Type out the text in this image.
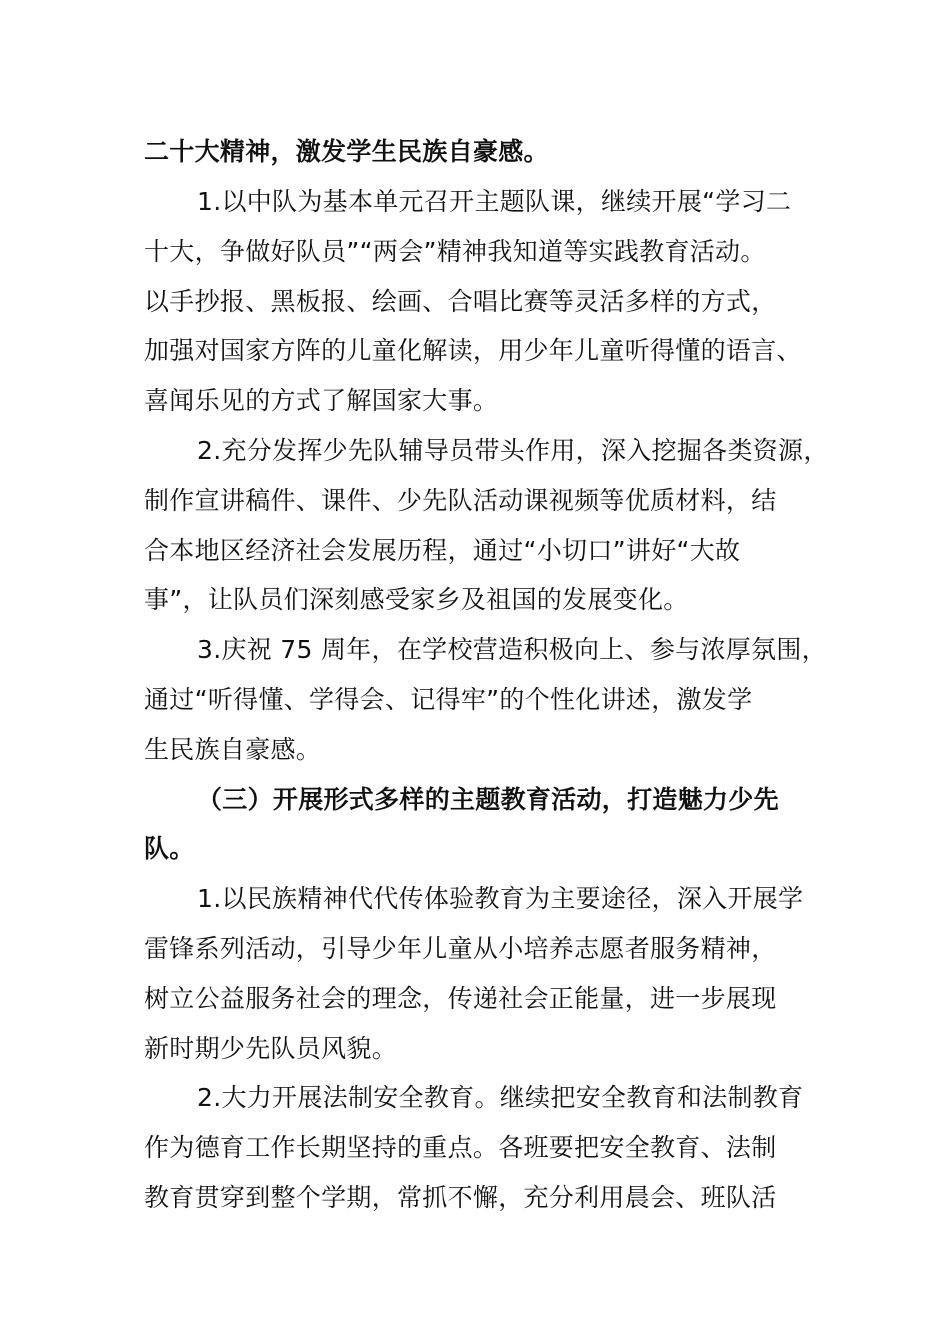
二十大精神，激发学生民族自豪感。
1.以中队为基本单元召开主题队课，继续开展“学习二
十大，争做好队员”“两会”精神我知道等实践教育活动。
以手抄报、黑板报、绘画、合唱比赛等灵活多样的方式，
加强对国家方阵的儿童化解读，用少年儿童听得懂的语言、
喜闻乐见的方式了解国家大事。
2.充分发挥少先队辅导员带头作用，深入挖掘各类资源，
制作宣讲稿件、课件、少先队活动课视频等优质材料，结
合本地区经济社会发展历程，通过“小切口”讲好“大故
事”，让队员们深刻感受家乡及祖国的发展变化。
3.庆祝 75 周年，在学校营造积极向上、参与浓厚氛围，
通过“听得懂、学得会、记得牢”的个性化讲述，激发学
生民族自豪感。
（三）开展形式多样的主题教育活动，打造魅力少先
队。
1.以民族精神代代传体验教育为主要途径，深入开展学
雷锋系列活动，引导少年儿童从小培养志愿者服务精神，
树立公益服务社会的理念，传递社会正能量，进一步展现
新时期少先队员风貌。
2.大力开展法制安全教育。继续把安全教育和法制教育
作为德育工作长期坚持的重点。各班要把安全教育、法制
教育贯穿到整个学期，常抓不懈，充分利用晨会、班队活
